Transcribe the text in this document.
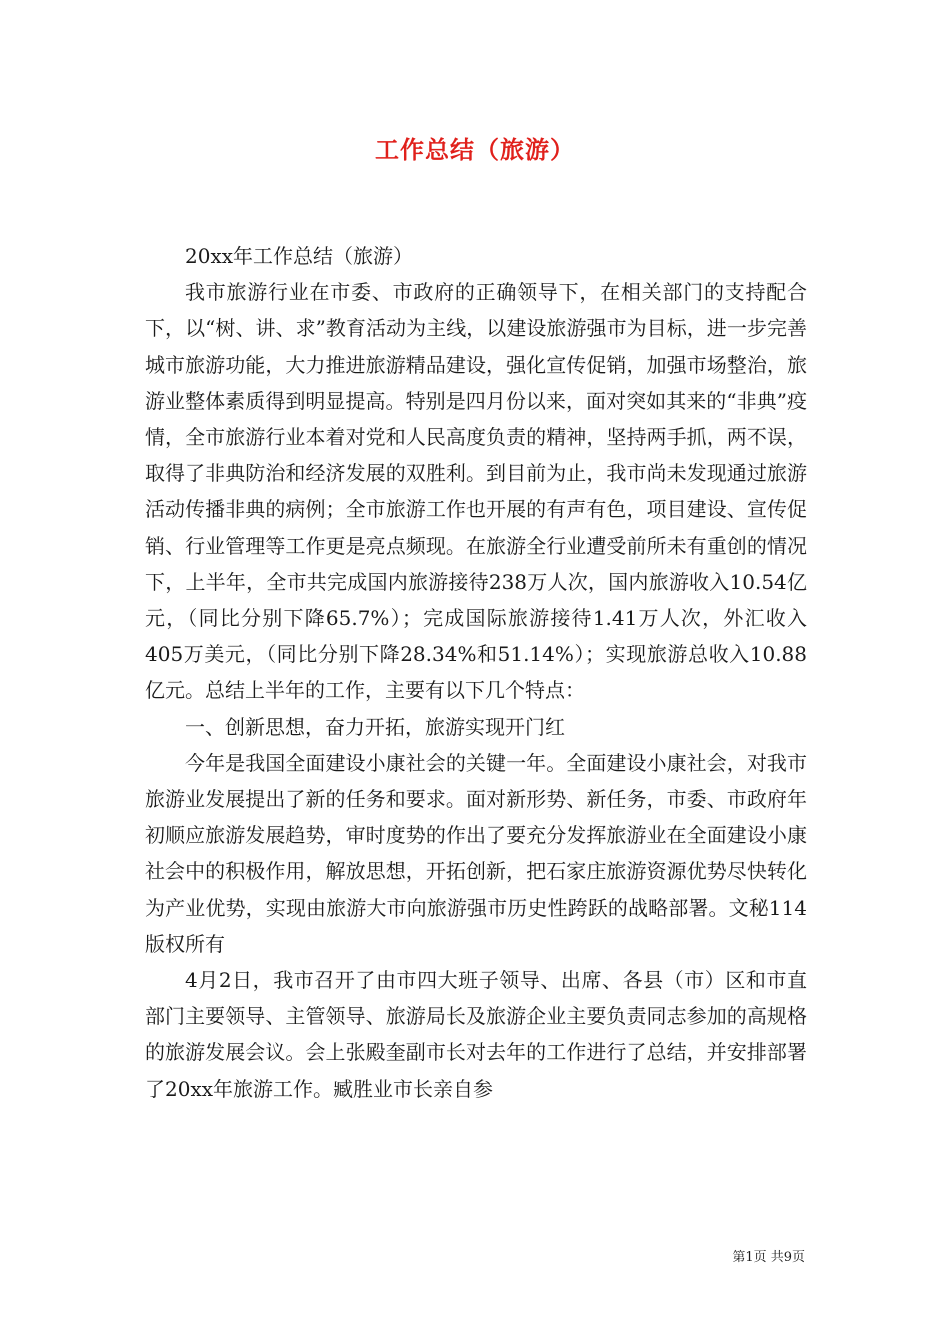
工作总结（旅游）

20xx年工作总结（旅游）

我市旅游行业在市委、市政府的正确领导下，在相关部门的支持配合下，以“树、讲、求”教育活动为主线，以建设旅游强市为目标，进一步完善城市旅游功能，大力推进旅游精品建设，强化宣传促销，加强市场整治，旅游业整体素质得到明显提高。特别是四月份以来，面对突如其来的“非典”疫情，全市旅游行业本着对党和人民高度负责的精神，坚持两手抓，两不误，取得了非典防治和经济发展的双胜利。到目前为止，我市尚未发现通过旅游活动传播非典的病例；全市旅游工作也开展的有声有色，项目建设、宣传促销、行业管理等工作更是亮点频现。在旅游全行业遭受前所未有重创的情况下，上半年，全市共完成国内旅游接待238万人次，国内旅游收入10.54亿元，（同比分别下降65.7%）；完成国际旅游接待1.41万人次，外汇收入405万美元，（同比分别下降28.34%和51.14%）；实现旅游总收入10.88亿元。总结上半年的工作，主要有以下几个特点：

一、创新思想，奋力开拓，旅游实现开门红

今年是我国全面建设小康社会的关键一年。全面建设小康社会，对我市旅游业发展提出了新的任务和要求。面对新形势、新任务，市委、市政府年初顺应旅游发展趋势，审时度势的作出了要充分发挥旅游业在全面建设小康社会中的积极作用，解放思想，开拓创新，把石家庄旅游资源优势尽快转化为产业优势，实现由旅游大市向旅游强市历史性跨跃的战略部署。文秘114版权所有

4月2日，我市召开了由市四大班子领导、出席、各县（市）区和市直部门主要领导、主管领导、旅游局长及旅游企业主要负责同志参加的高规格的旅游发展会议。会上张殿奎副市长对去年的工作进行了总结，并安排部署了20xx年旅游工作。臧胜业市长亲自参

第1页 共9页
